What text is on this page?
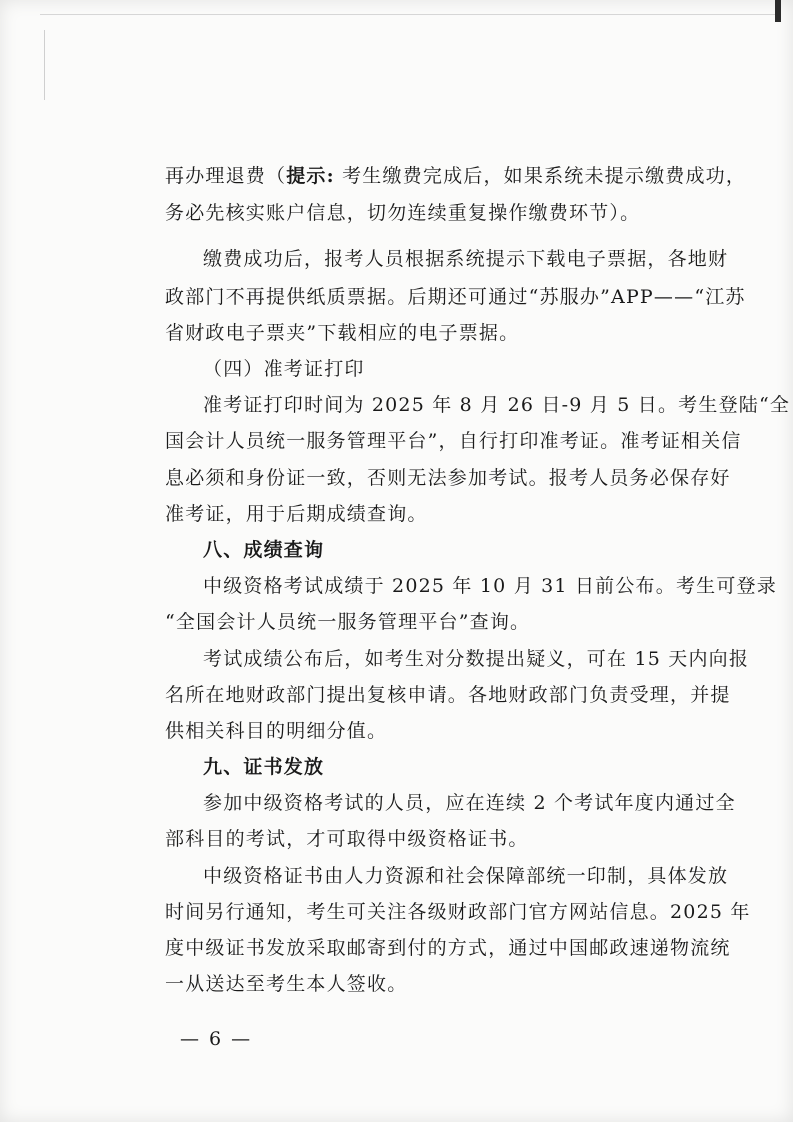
再办理退费（提示: 考生缴费完成后，如果系统未提示缴费成功，
务必先核实账户信息，切勿连续重复操作缴费环节）。
缴费成功后，报考人员根据系统提示下载电子票据，各地财
政部门不再提供纸质票据。后期还可通过“苏服办”APP——“江苏
省财政电子票夹”下载相应的电子票据。
（四）准考证打印
准考证打印时间为 2025 年 8 月 26 日-9 月 5 日。考生登陆“全
国会计人员统一服务管理平台”，自行打印准考证。准考证相关信
息必须和身份证一致，否则无法参加考试。报考人员务必保存好
准考证，用于后期成绩查询。
八、成绩查询
中级资格考试成绩于 2025 年 10 月 31 日前公布。考生可登录
“全国会计人员统一服务管理平台”查询。
考试成绩公布后，如考生对分数提出疑义，可在 15 天内向报
名所在地财政部门提出复核申请。各地财政部门负责受理，并提
供相关科目的明细分值。
九、证书发放
参加中级资格考试的人员，应在连续 2 个考试年度内通过全
部科目的考试，才可取得中级资格证书。
中级资格证书由人力资源和社会保障部统一印制，具体发放
时间另行通知，考生可关注各级财政部门官方网站信息。2025 年
度中级证书发放采取邮寄到付的方式，通过中国邮政速递物流统
一从送达至考生本人签收。
— 6 —
